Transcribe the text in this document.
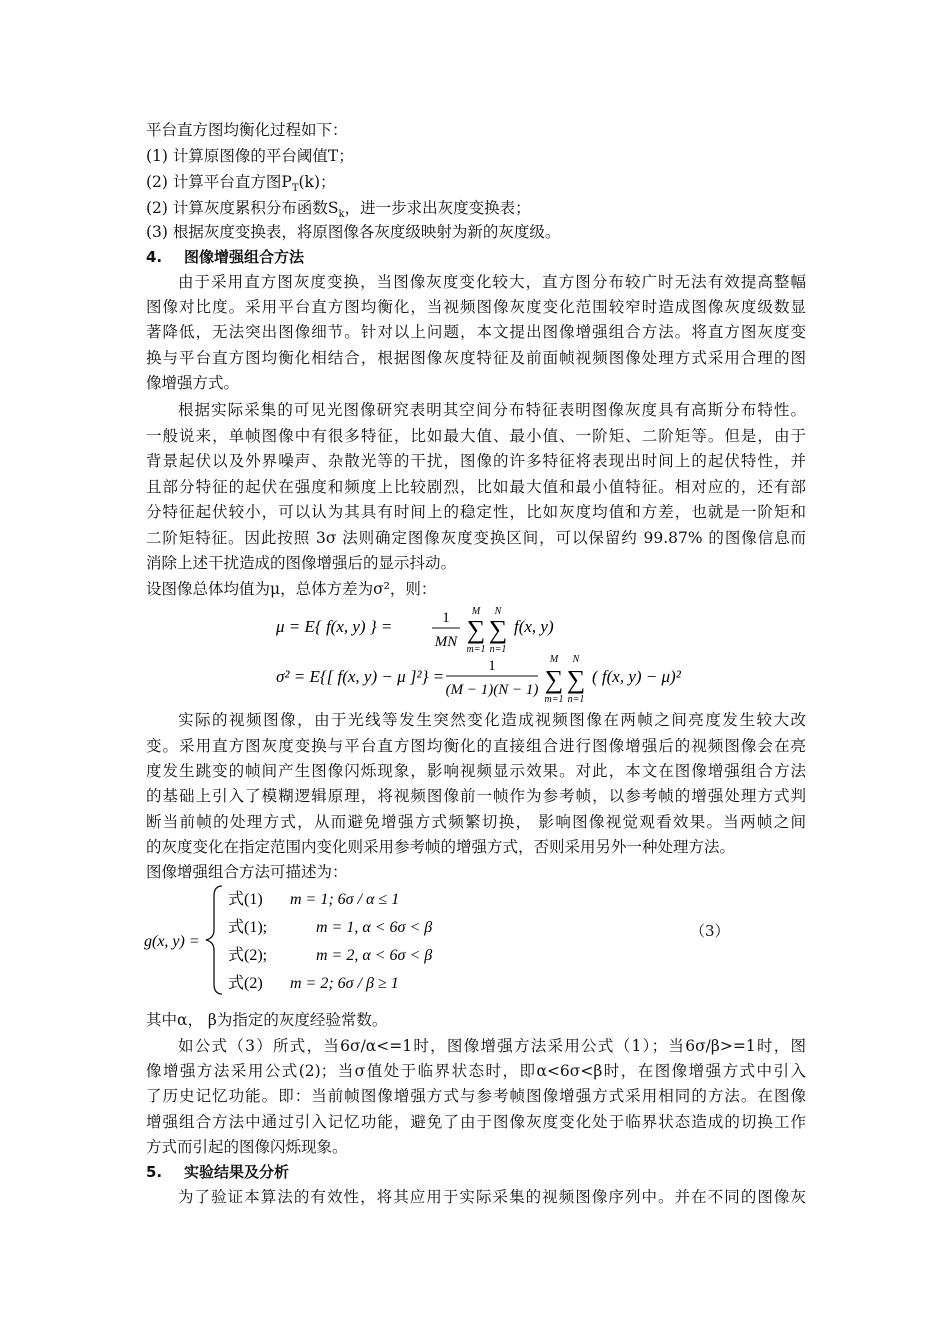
平台直方图均衡化过程如下：
(1) 计算原图像的平台阈值T；
(2) 计算平台直方图$P_T(k)$；
(2) 计算灰度累积分布函数$S_k$，进一步求出灰度变换表；
(3) 根据灰度变换表，将原图像各灰度级映射为新的灰度级。
4. 图像增强组合方法
由于采用直方图灰度变换，当图像灰度变化较大，直方图分布较广时无法有效提高整幅
图像对比度。采用平台直方图均衡化，当视频图像灰度变化范围较窄时造成图像灰度级数显
著降低，无法突出图像细节。针对以上问题，本文提出图像增强组合方法。将直方图灰度变
换与平台直方图均衡化相结合，根据图像灰度特征及前面帧视频图像处理方式采用合理的图
像增强方式。
根据实际采集的可见光图像研究表明其空间分布特征表明图像灰度具有高斯分布特性。
一般说来，单帧图像中有很多特征，比如最大值、最小值、一阶矩、二阶矩等。但是，由于
背景起伏以及外界噪声、杂散光等的干扰，图像的许多特征将表现出时间上的起伏特性，并
且部分特征的起伏在强度和频度上比较剧烈，比如最大值和最小值特征。相对应的，还有部
分特征起伏较小，可以认为其具有时间上的稳定性，比如灰度均值和方差，也就是一阶矩和
二阶矩特征。因此按照 3σ 法则确定图像灰度变换区间，可以保留约 99.87% 的图像信息而
消除上述干扰造成的图像增强后的显示抖动。
设图像总体均值为μ，总体方差为σ²，则：
μ = E{ f(x, y) } =	1
MN
M
∑
m=1
N
∑
n=1
f(x, y)
σ² = E{[ f(x, y) − μ ]²} =
1
(M − 1)(N − 1)
M
∑
m=1
N
∑
n=1
( f(x, y) − μ)²
实际的视频图像，由于光线等发生突然变化造成视频图像在两帧之间亮度发生较大改
变。采用直方图灰度变换与平台直方图均衡化的直接组合进行图像增强后的视频图像会在亮
度发生跳变的帧间产生图像闪烁现象，影响视频显示效果。对此，本文在图像增强组合方法
的基础上引入了模糊逻辑原理，将视频图像前一帧作为参考帧，以参考帧的增强处理方式判
断当前帧的处理方式，从而避免增强方式频繁切换， 影响图像视觉观看效果。当两帧之间
的灰度变化在指定范围内变化则采用参考帧的增强方式，否则采用另外一种处理方法。
图像增强组合方法可描述为：
g(x, y) =
式(1) m = 1; 6σ / α ≤ 1
式(1);	m = 1, α < 6σ < β
式(2);	m = 2, α < 6σ < β
式(2) m = 2; 6σ / β ≥ 1
（3）
其中α， β为指定的灰度经验常数。
如公式（3）所式，当6σ/α<=1时，图像增强方法采用公式（1）；当6σ/β>=1时，图
像增强方法采用公式(2)；当σ值处于临界状态时，即α<6σ<β时，在图像增强方式中引入
了历史记忆功能。即：当前帧图像增强方式与参考帧图像增强方式采用相同的方法。在图像
增强组合方法中通过引入记忆功能，避免了由于图像灰度变化处于临界状态造成的切换工作
方式而引起的图像闪烁现象。
5. 实验结果及分析
为了验证本算法的有效性，将其应用于实际采集的视频图像序列中。并在不同的图像灰
